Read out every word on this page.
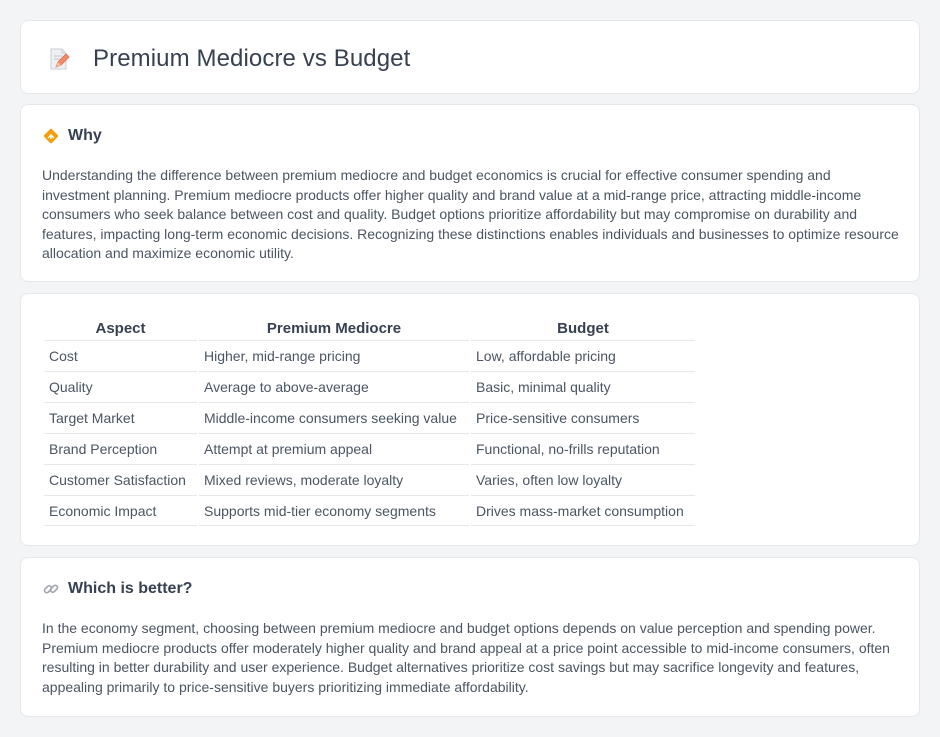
Premium Mediocre vs Budget
Why

Understanding the difference between premium mediocre and budget economics is crucial for effective consumer spending and investment planning. Premium mediocre products offer higher quality and brand value at a mid-range price, attracting middle-income consumers who seek balance between cost and quality. Budget options prioritize affordability but may compromise on durability and features, impacting long-term economic decisions. Recognizing these distinctions enables individuals and businesses to optimize resource allocation and maximize economic utility.

Aspect	Premium Mediocre	Budget
Cost	Higher, mid-range pricing	Low, affordable pricing
Quality	Average to above-average	Basic, minimal quality
Target Market	Middle-income consumers seeking value	Price-sensitive consumers
Brand Perception	Attempt at premium appeal	Functional, no-frills reputation
Customer Satisfaction	Mixed reviews, moderate loyalty	Varies, often low loyalty
Economic Impact	Supports mid-tier economy segments	Drives mass-market consumption
Which is better?

In the economy segment, choosing between premium mediocre and budget options depends on value perception and spending power. Premium mediocre products offer moderately higher quality and brand appeal at a price point accessible to mid-income consumers, often resulting in better durability and user experience. Budget alternatives prioritize cost savings but may sacrifice longevity and features, appealing primarily to price-sensitive buyers prioritizing immediate affordability.
